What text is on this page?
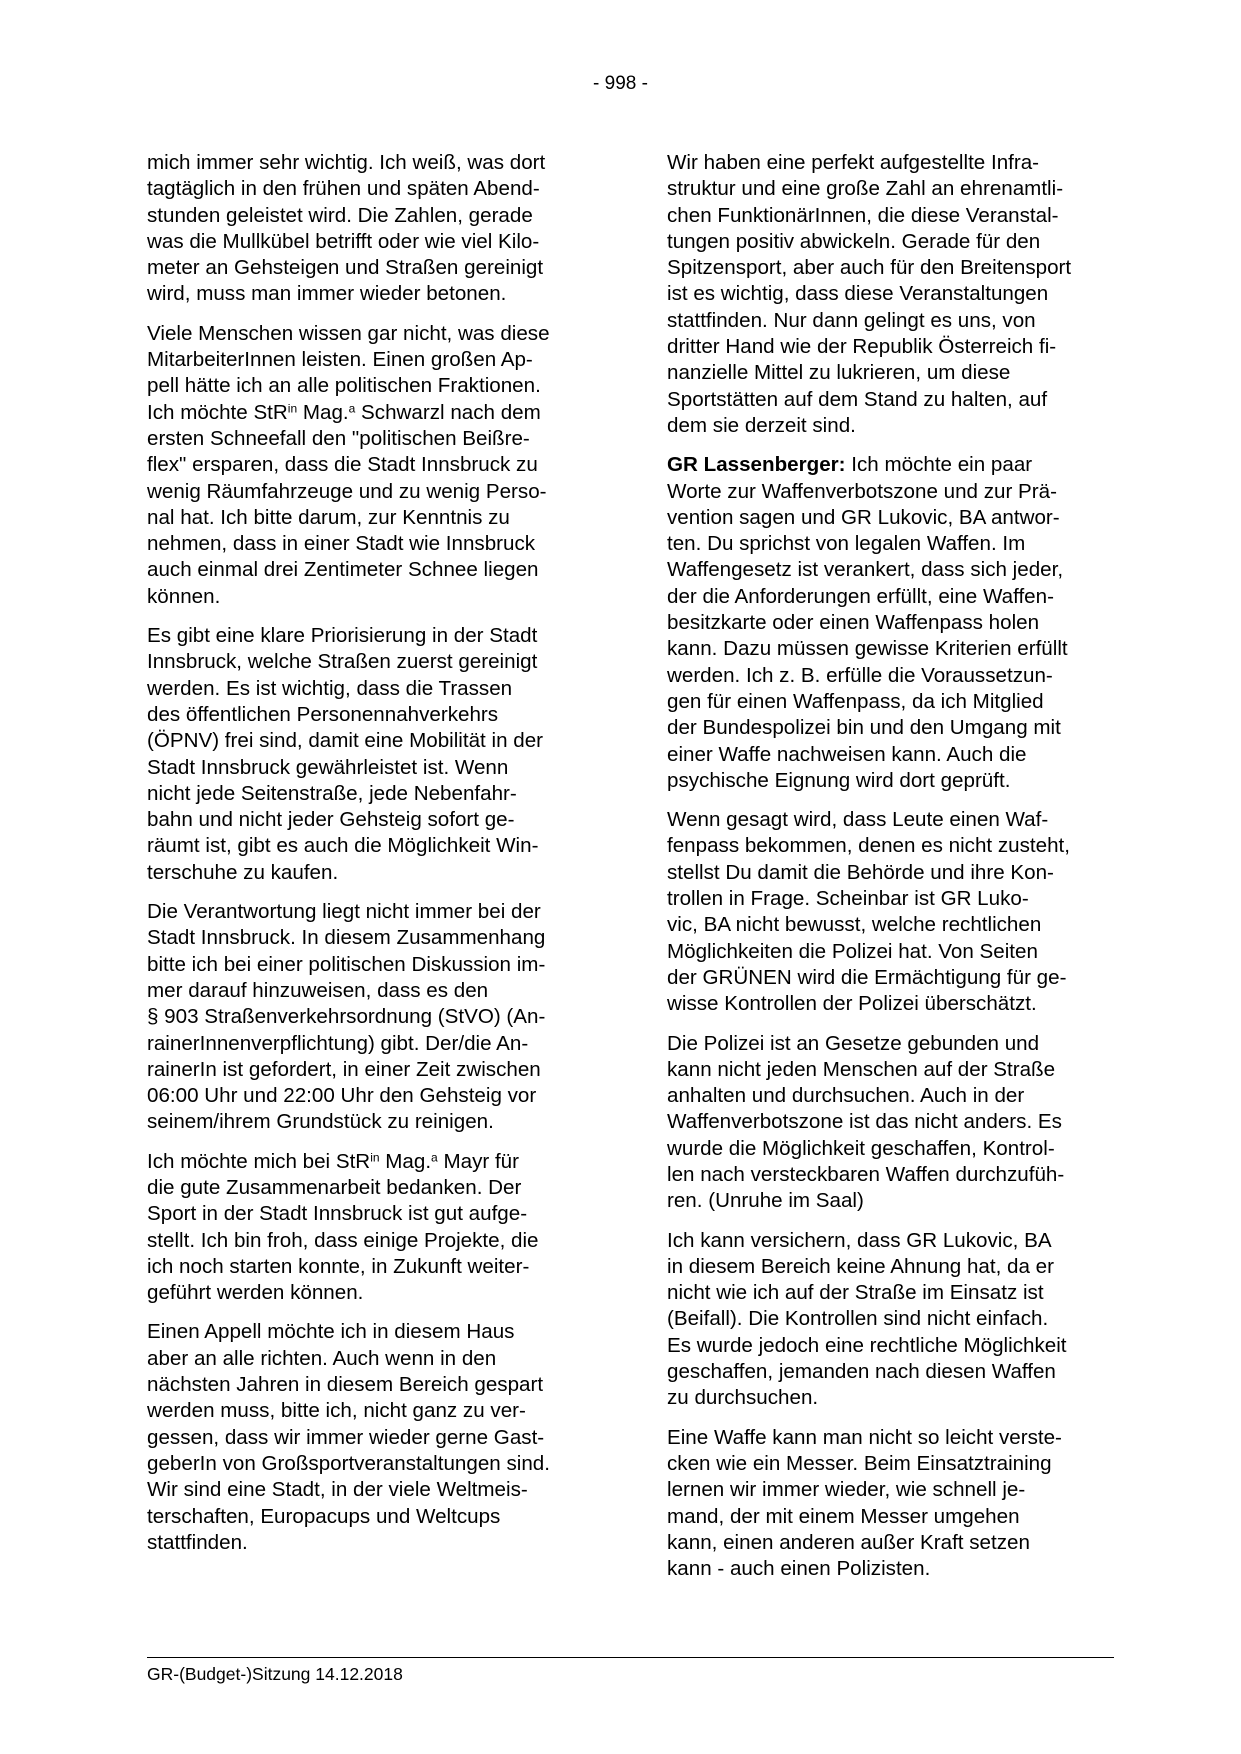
- 998 -

mich immer sehr wichtig. Ich weiß, was dort
tagtäglich in den frühen und späten Abend-
stunden geleistet wird. Die Zahlen, gerade
was die Mullkübel betrifft oder wie viel Kilo-
meter an Gehsteigen und Straßen gereinigt
wird, muss man immer wieder betonen.

Viele Menschen wissen gar nicht, was diese
MitarbeiterInnen leisten. Einen großen Ap-
pell hätte ich an alle politischen Fraktionen.
Ich möchte StR$^{in}$ Mag.$^a$ Schwarzl nach dem
ersten Schneefall den "politischen Beißre-
flex" ersparen, dass die Stadt Innsbruck zu
wenig Räumfahrzeuge und zu wenig Perso-
nal hat. Ich bitte darum, zur Kenntnis zu
nehmen, dass in einer Stadt wie Innsbruck
auch einmal drei Zentimeter Schnee liegen
können.

Es gibt eine klare Priorisierung in der Stadt
Innsbruck, welche Straßen zuerst gereinigt
werden. Es ist wichtig, dass die Trassen
des öffentlichen Personennahverkehrs
(ÖPNV) frei sind, damit eine Mobilität in der
Stadt Innsbruck gewährleistet ist. Wenn
nicht jede Seitenstraße, jede Nebenfahr-
bahn und nicht jeder Gehsteig sofort ge-
räumt ist, gibt es auch die Möglichkeit Win-
terschuhe zu kaufen.

Die Verantwortung liegt nicht immer bei der
Stadt Innsbruck. In diesem Zusammenhang
bitte ich bei einer politischen Diskussion im-
mer darauf hinzuweisen, dass es den
§ 903 Straßenverkehrsordnung (StVO) (An-
rainerInnenverpflichtung) gibt. Der/die An-
rainerIn ist gefordert, in einer Zeit zwischen
06:00 Uhr und 22:00 Uhr den Gehsteig vor
seinem/ihrem Grundstück zu reinigen.

Ich möchte mich bei StR$^{in}$ Mag.$^a$ Mayr für
die gute Zusammenarbeit bedanken. Der
Sport in der Stadt Innsbruck ist gut aufge-
stellt. Ich bin froh, dass einige Projekte, die
ich noch starten konnte, in Zukunft weiter-
geführt werden können.

Einen Appell möchte ich in diesem Haus
aber an alle richten. Auch wenn in den
nächsten Jahren in diesem Bereich gespart
werden muss, bitte ich, nicht ganz zu ver-
gessen, dass wir immer wieder gerne Gast-
geberIn von Großsportveranstaltungen sind.
Wir sind eine Stadt, in der viele Weltmeis-
terschaften, Europacups und Weltcups
stattfinden.

Wir haben eine perfekt aufgestellte Infra-
struktur und eine große Zahl an ehrenamtli-
chen FunktionärInnen, die diese Veranstal-
tungen positiv abwickeln. Gerade für den
Spitzensport, aber auch für den Breitensport
ist es wichtig, dass diese Veranstaltungen
stattfinden. Nur dann gelingt es uns, von
dritter Hand wie der Republik Österreich fi-
nanzielle Mittel zu lukrieren, um diese
Sportstätten auf dem Stand zu halten, auf
dem sie derzeit sind.

GR Lassenberger: Ich möchte ein paar
Worte zur Waffenverbotszone und zur Prä-
vention sagen und GR Lukovic, BA antwor-
ten. Du sprichst von legalen Waffen. Im
Waffengesetz ist verankert, dass sich jeder,
der die Anforderungen erfüllt, eine Waffen-
besitzkarte oder einen Waffenpass holen
kann. Dazu müssen gewisse Kriterien erfüllt
werden. Ich z. B. erfülle die Voraussetzun-
gen für einen Waffenpass, da ich Mitglied
der Bundespolizei bin und den Umgang mit
einer Waffe nachweisen kann. Auch die
psychische Eignung wird dort geprüft.

Wenn gesagt wird, dass Leute einen Waf-
fenpass bekommen, denen es nicht zusteht,
stellst Du damit die Behörde und ihre Kon-
trollen in Frage. Scheinbar ist GR Luko-
vic, BA nicht bewusst, welche rechtlichen
Möglichkeiten die Polizei hat. Von Seiten
der GRÜNEN wird die Ermächtigung für ge-
wisse Kontrollen der Polizei überschätzt.

Die Polizei ist an Gesetze gebunden und
kann nicht jeden Menschen auf der Straße
anhalten und durchsuchen. Auch in der
Waffenverbotszone ist das nicht anders. Es
wurde die Möglichkeit geschaffen, Kontrol-
len nach versteckbaren Waffen durchzufüh-
ren. (Unruhe im Saal)

Ich kann versichern, dass GR Lukovic, BA
in diesem Bereich keine Ahnung hat, da er
nicht wie ich auf der Straße im Einsatz ist
(Beifall). Die Kontrollen sind nicht einfach.
Es wurde jedoch eine rechtliche Möglichkeit
geschaffen, jemanden nach diesen Waffen
zu durchsuchen.

Eine Waffe kann man nicht so leicht verste-
cken wie ein Messer. Beim Einsatztraining
lernen wir immer wieder, wie schnell je-
mand, der mit einem Messer umgehen
kann, einen anderen außer Kraft setzen
kann - auch einen Polizisten.

GR-(Budget-)Sitzung 14.12.2018
